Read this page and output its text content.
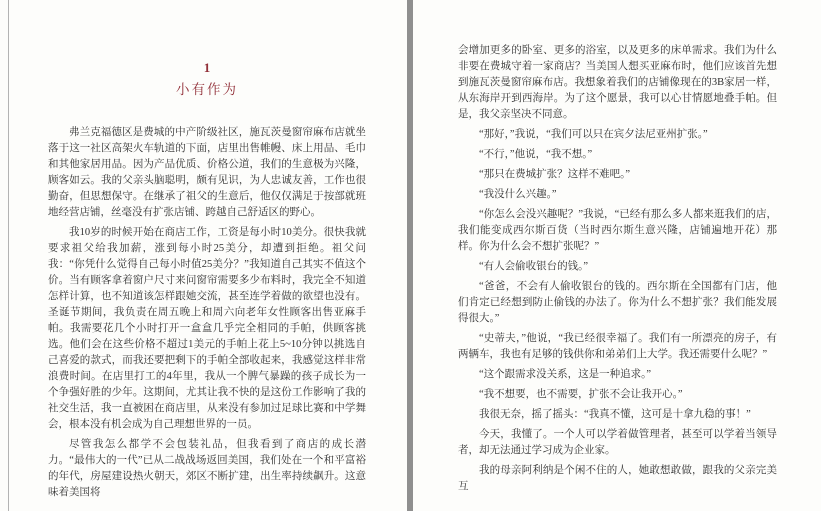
1
小有作为

弗兰克福德区是费城的中产阶级社区，施瓦茨曼窗帘麻布店就坐落于这一社区高架火车轨道的下面，店里出售帷幔、床上用品、毛巾和其他家居用品。因为产品优质、价格公道，我们的生意极为兴隆，顾客如云。我的父亲头脑聪明，颇有见识，为人忠诚友善，工作也很勤奋，但思想保守。在继承了祖父的生意后，他仅仅满足于按部就班地经营店铺，丝毫没有扩张店铺、跨越自己舒适区的野心。

我10岁的时候开始在商店工作，工资是每小时10美分。很快我就要求祖父给我加薪，涨到每小时25美分，却遭到拒绝。祖父问我：“你凭什么觉得自己每小时值25美分？”我知道自己其实不值这个价。当有顾客拿着窗户尺寸来问窗帘需要多少布料时，我完全不知道怎样计算，也不知道该怎样跟她交流，甚至连学着做的欲望也没有。圣诞节期间，我负责在周五晚上和周六向老年女性顾客出售亚麻手帕。我需要花几个小时打开一盒盒几乎完全相同的手帕，供顾客挑选。他们会在这些价格不超过1美元的手帕上花上5~10分钟以挑选自己喜爱的款式，而我还要把剩下的手帕全部收起来，我感觉这样非常浪费时间。在店里打工的4年里，我从一个脾气暴躁的孩子成长为一个争强好胜的少年。这期间，尤其让我不快的是这份工作影响了我的社交生活，我一直被困在商店里，从来没有参加过足球比赛和中学舞会，根本没有机会成为自己理想世界的一员。

尽管我怎么都学不会包装礼品，但我看到了商店的成长潜力。“最伟大的一代”已从二战战场返回美国，我们处在一个和平富裕的年代，房屋建设热火朝天，郊区不断扩建，出生率持续飙升。这意味着美国将

会增加更多的卧室、更多的浴室，以及更多的床单需求。我们为什么非要在费城守着一家商店？当美国人想买亚麻布时，他们应该首先想到施瓦茨曼窗帘麻布店。我想象着我们的店铺像现在的3B家居一样，从东海岸开到西海岸。为了这个愿景，我可以心甘情愿地叠手帕。但是，我父亲坚决不同意。

“那好，”我说，“我们可以只在宾夕法尼亚州扩张。”

“不行，”他说，“我不想。”

“那只在费城扩张？这样不难吧。”

“我没什么兴趣。”

“你怎么会没兴趣呢？”我说，“已经有那么多人都来逛我们的店，我们能变成西尔斯百货（当时西尔斯生意兴隆，店铺遍地开花）那样。你为什么会不想扩张呢？”

“有人会偷收银台的钱。”

“爸爸，不会有人偷收银台的钱的。西尔斯在全国都有门店，他们肯定已经想到防止偷钱的办法了。你为什么不想扩张？我们能发展得很大。”

“史蒂夫，”他说，“我已经很幸福了。我们有一所漂亮的房子，有两辆车，我也有足够的钱供你和弟弟们上大学。我还需要什么呢？”

“这个跟需求没关系，这是一种追求。”

“我不想要，也不需要，扩张不会让我开心。”

我很无奈，摇了摇头：“我真不懂，这可是十拿九稳的事！”

今天，我懂了。一个人可以学着做管理者，甚至可以学着当领导者，却无法通过学习成为企业家。

我的母亲阿利纳是个闲不住的人，她敢想敢做，跟我的父亲完美互
